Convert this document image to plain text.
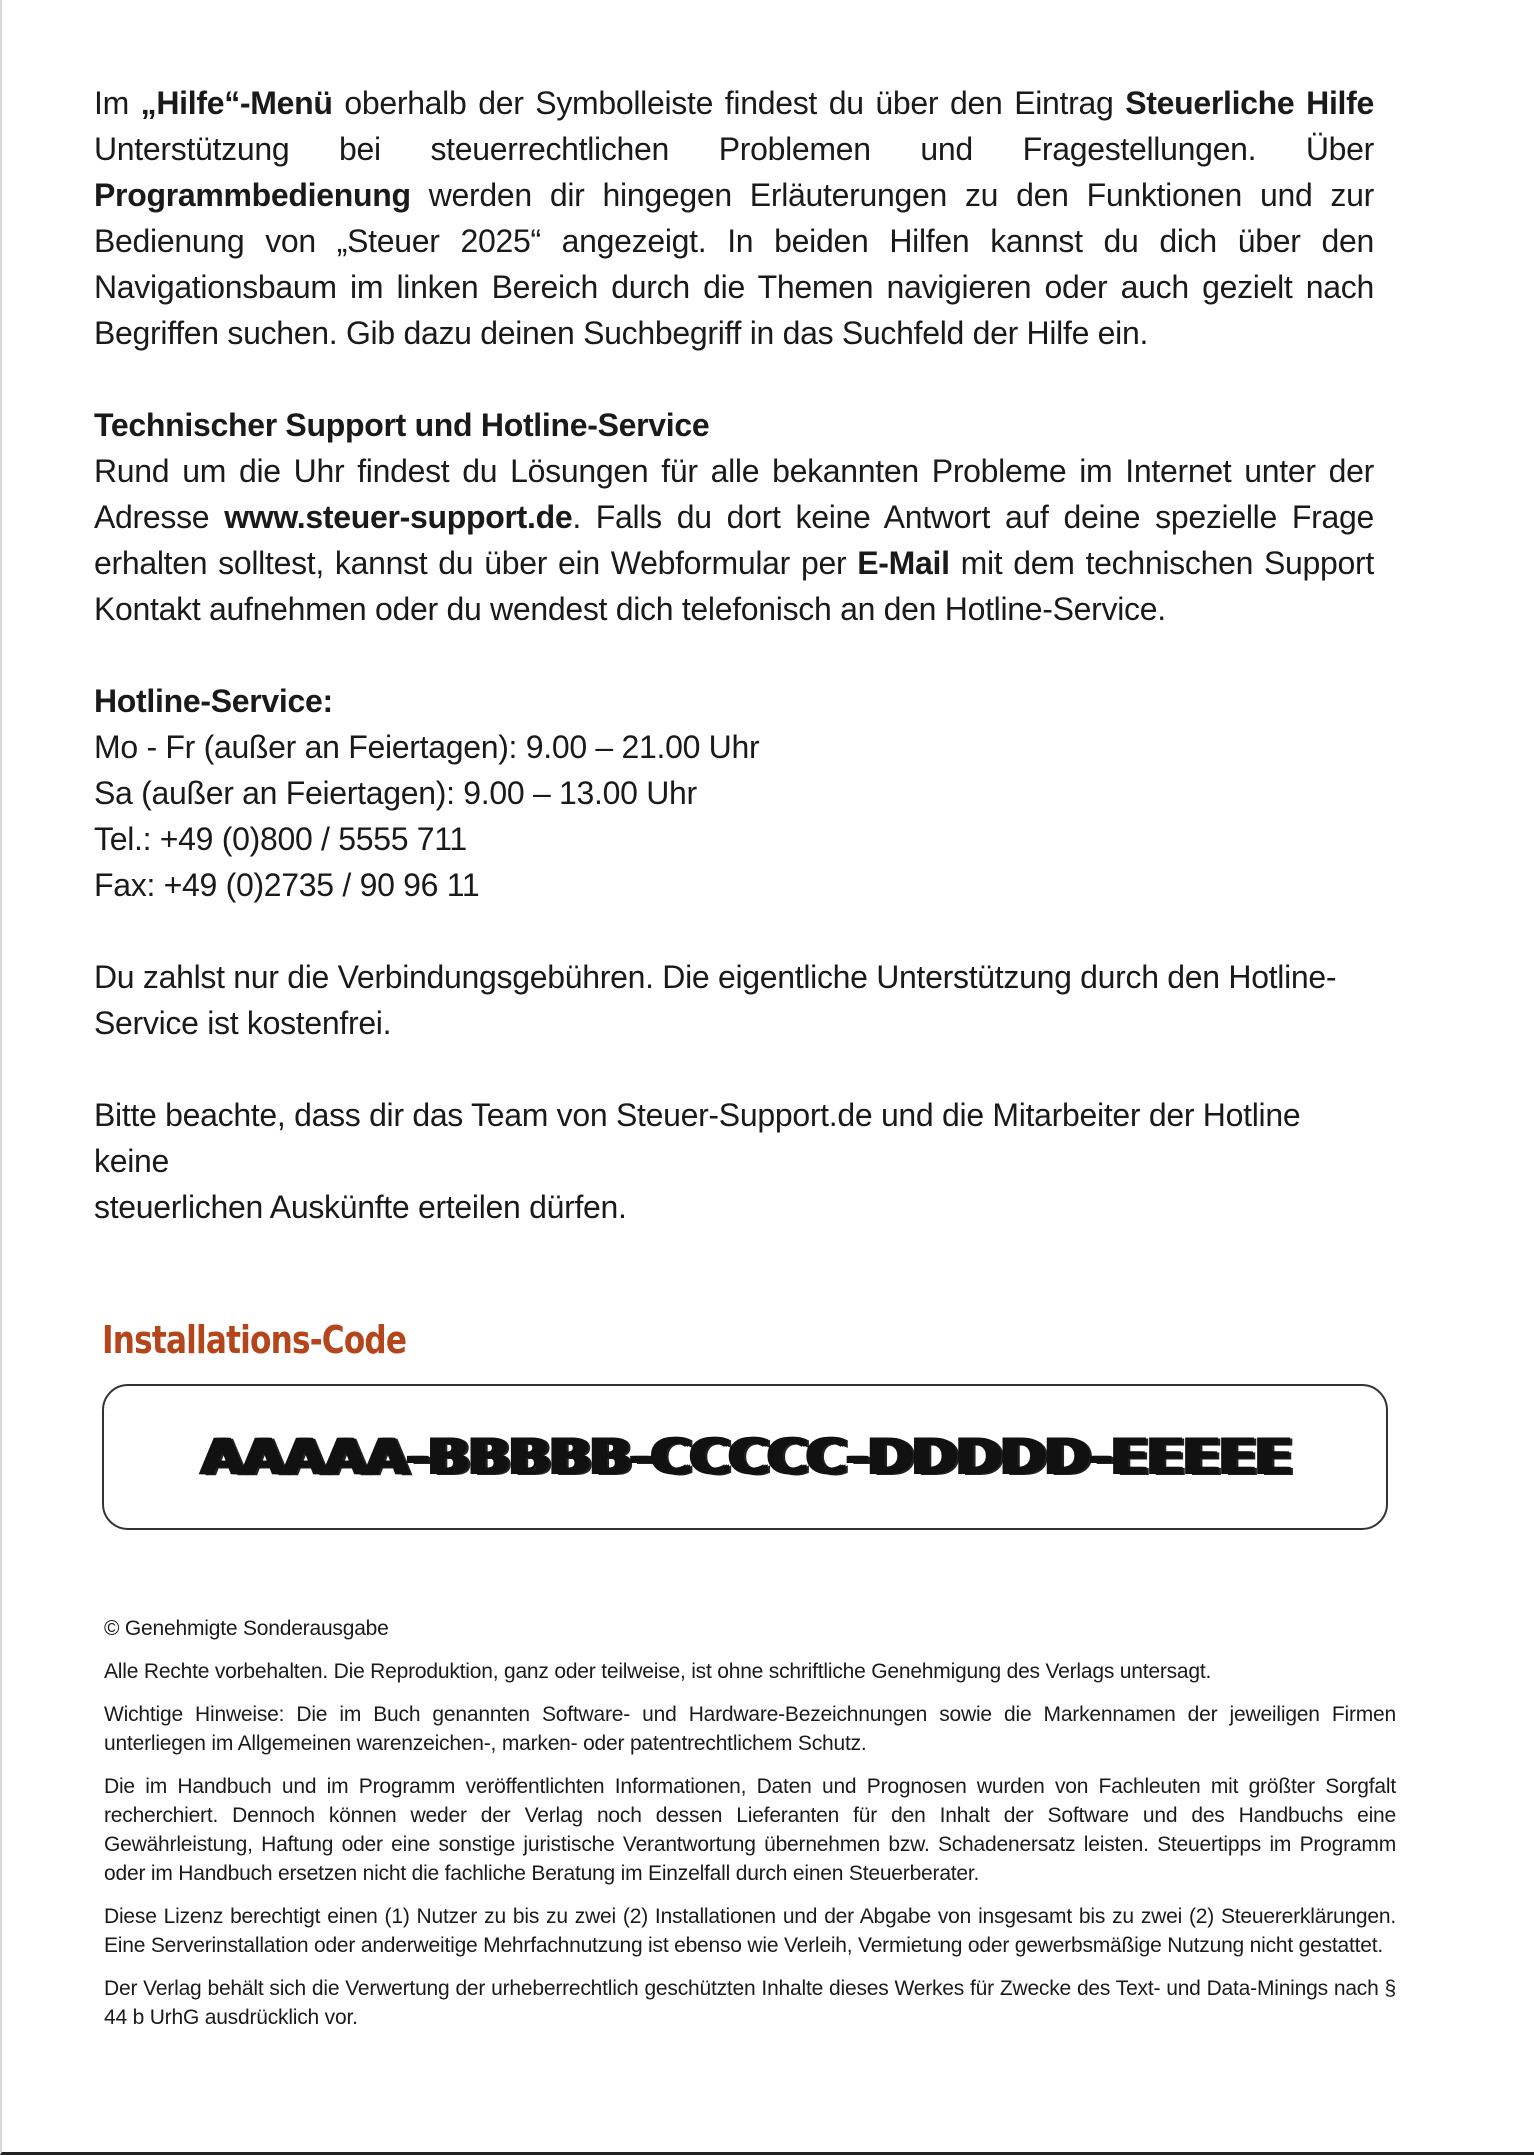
Im „Hilfe“-Menü oberhalb der Symbolleiste findest du über den Eintrag Steuerliche Hilfe Unterstützung bei steuerrechtlichen Problemen und Fragestellungen. Über Programmbedienung werden dir hingegen Erläuterungen zu den Funktionen und zur Bedienung von „Steuer 2025“ angezeigt. In beiden Hilfen kannst du dich über den Navigationsbaum im linken Bereich durch die Themen navigieren oder auch gezielt nach Begriffen suchen. Gib dazu deinen Suchbegriff in das Suchfeld der Hilfe ein.

Technischer Support und Hotline-Service

Rund um die Uhr findest du Lösungen für alle bekannten Probleme im Internet unter der Adresse www.steuer-support.de. Falls du dort keine Antwort auf deine spezielle Frage erhalten solltest, kannst du über ein Webformular per E-Mail mit dem technischen Support Kontakt aufnehmen oder du wendest dich telefonisch an den Hotline-Service.

Hotline-Service:

Mo - Fr (außer an Feiertagen): 9.00 – 21.00 Uhr

Sa (außer an Feiertagen): 9.00 – 13.00 Uhr

Tel.: +49 (0)800 / 5555 711

Fax: +49 (0)2735 / 90 96 11

Du zahlst nur die Verbindungsgebühren. Die eigentliche Unterstützung durch den Hotline-

Service ist kostenfrei.

Bitte beachte, dass dir das Team von Steuer-Support.de und die Mitarbeiter der Hotline keine

steuerlichen Auskünfte erteilen dürfen.

Installations-Code
AAAAA-BBBBB-CCCCC-DDDDD-EEEEE

© Genehmigte Sonderausgabe

Alle Rechte vorbehalten. Die Reproduktion, ganz oder teilweise, ist ohne schriftliche Genehmigung des Verlags untersagt.

Wichtige Hinweise: Die im Buch genannten Software- und Hardware-Bezeichnungen sowie die Markennamen der jeweiligen Firmen unterliegen im Allgemeinen warenzeichen-, marken- oder patentrechtlichem Schutz.

Die im Handbuch und im Programm veröffentlichten Informationen, Daten und Prognosen wurden von Fachleuten mit größter Sorgfalt recherchiert. Dennoch können weder der Verlag noch dessen Lieferanten für den Inhalt der Software und des Handbuchs eine Gewährleistung, Haftung oder eine sonstige juristische Verantwortung übernehmen bzw. Schadenersatz leisten. Steuertipps im Programm oder im Handbuch ersetzen nicht die fachliche Beratung im Einzelfall durch einen Steuerberater.

Diese Lizenz berechtigt einen (1) Nutzer zu bis zu zwei (2) Installationen und der Abgabe von insgesamt bis zu zwei (2) Steuererklärungen. Eine Serverinstallation oder anderweitige Mehrfachnutzung ist ebenso wie Verleih, Vermietung oder gewerbsmäßige Nutzung nicht gestattet.

Der Verlag behält sich die Verwertung der urheberrechtlich geschützten Inhalte dieses Werkes für Zwecke des Text- und Data-Minings nach § 44 b UrhG ausdrücklich vor.
